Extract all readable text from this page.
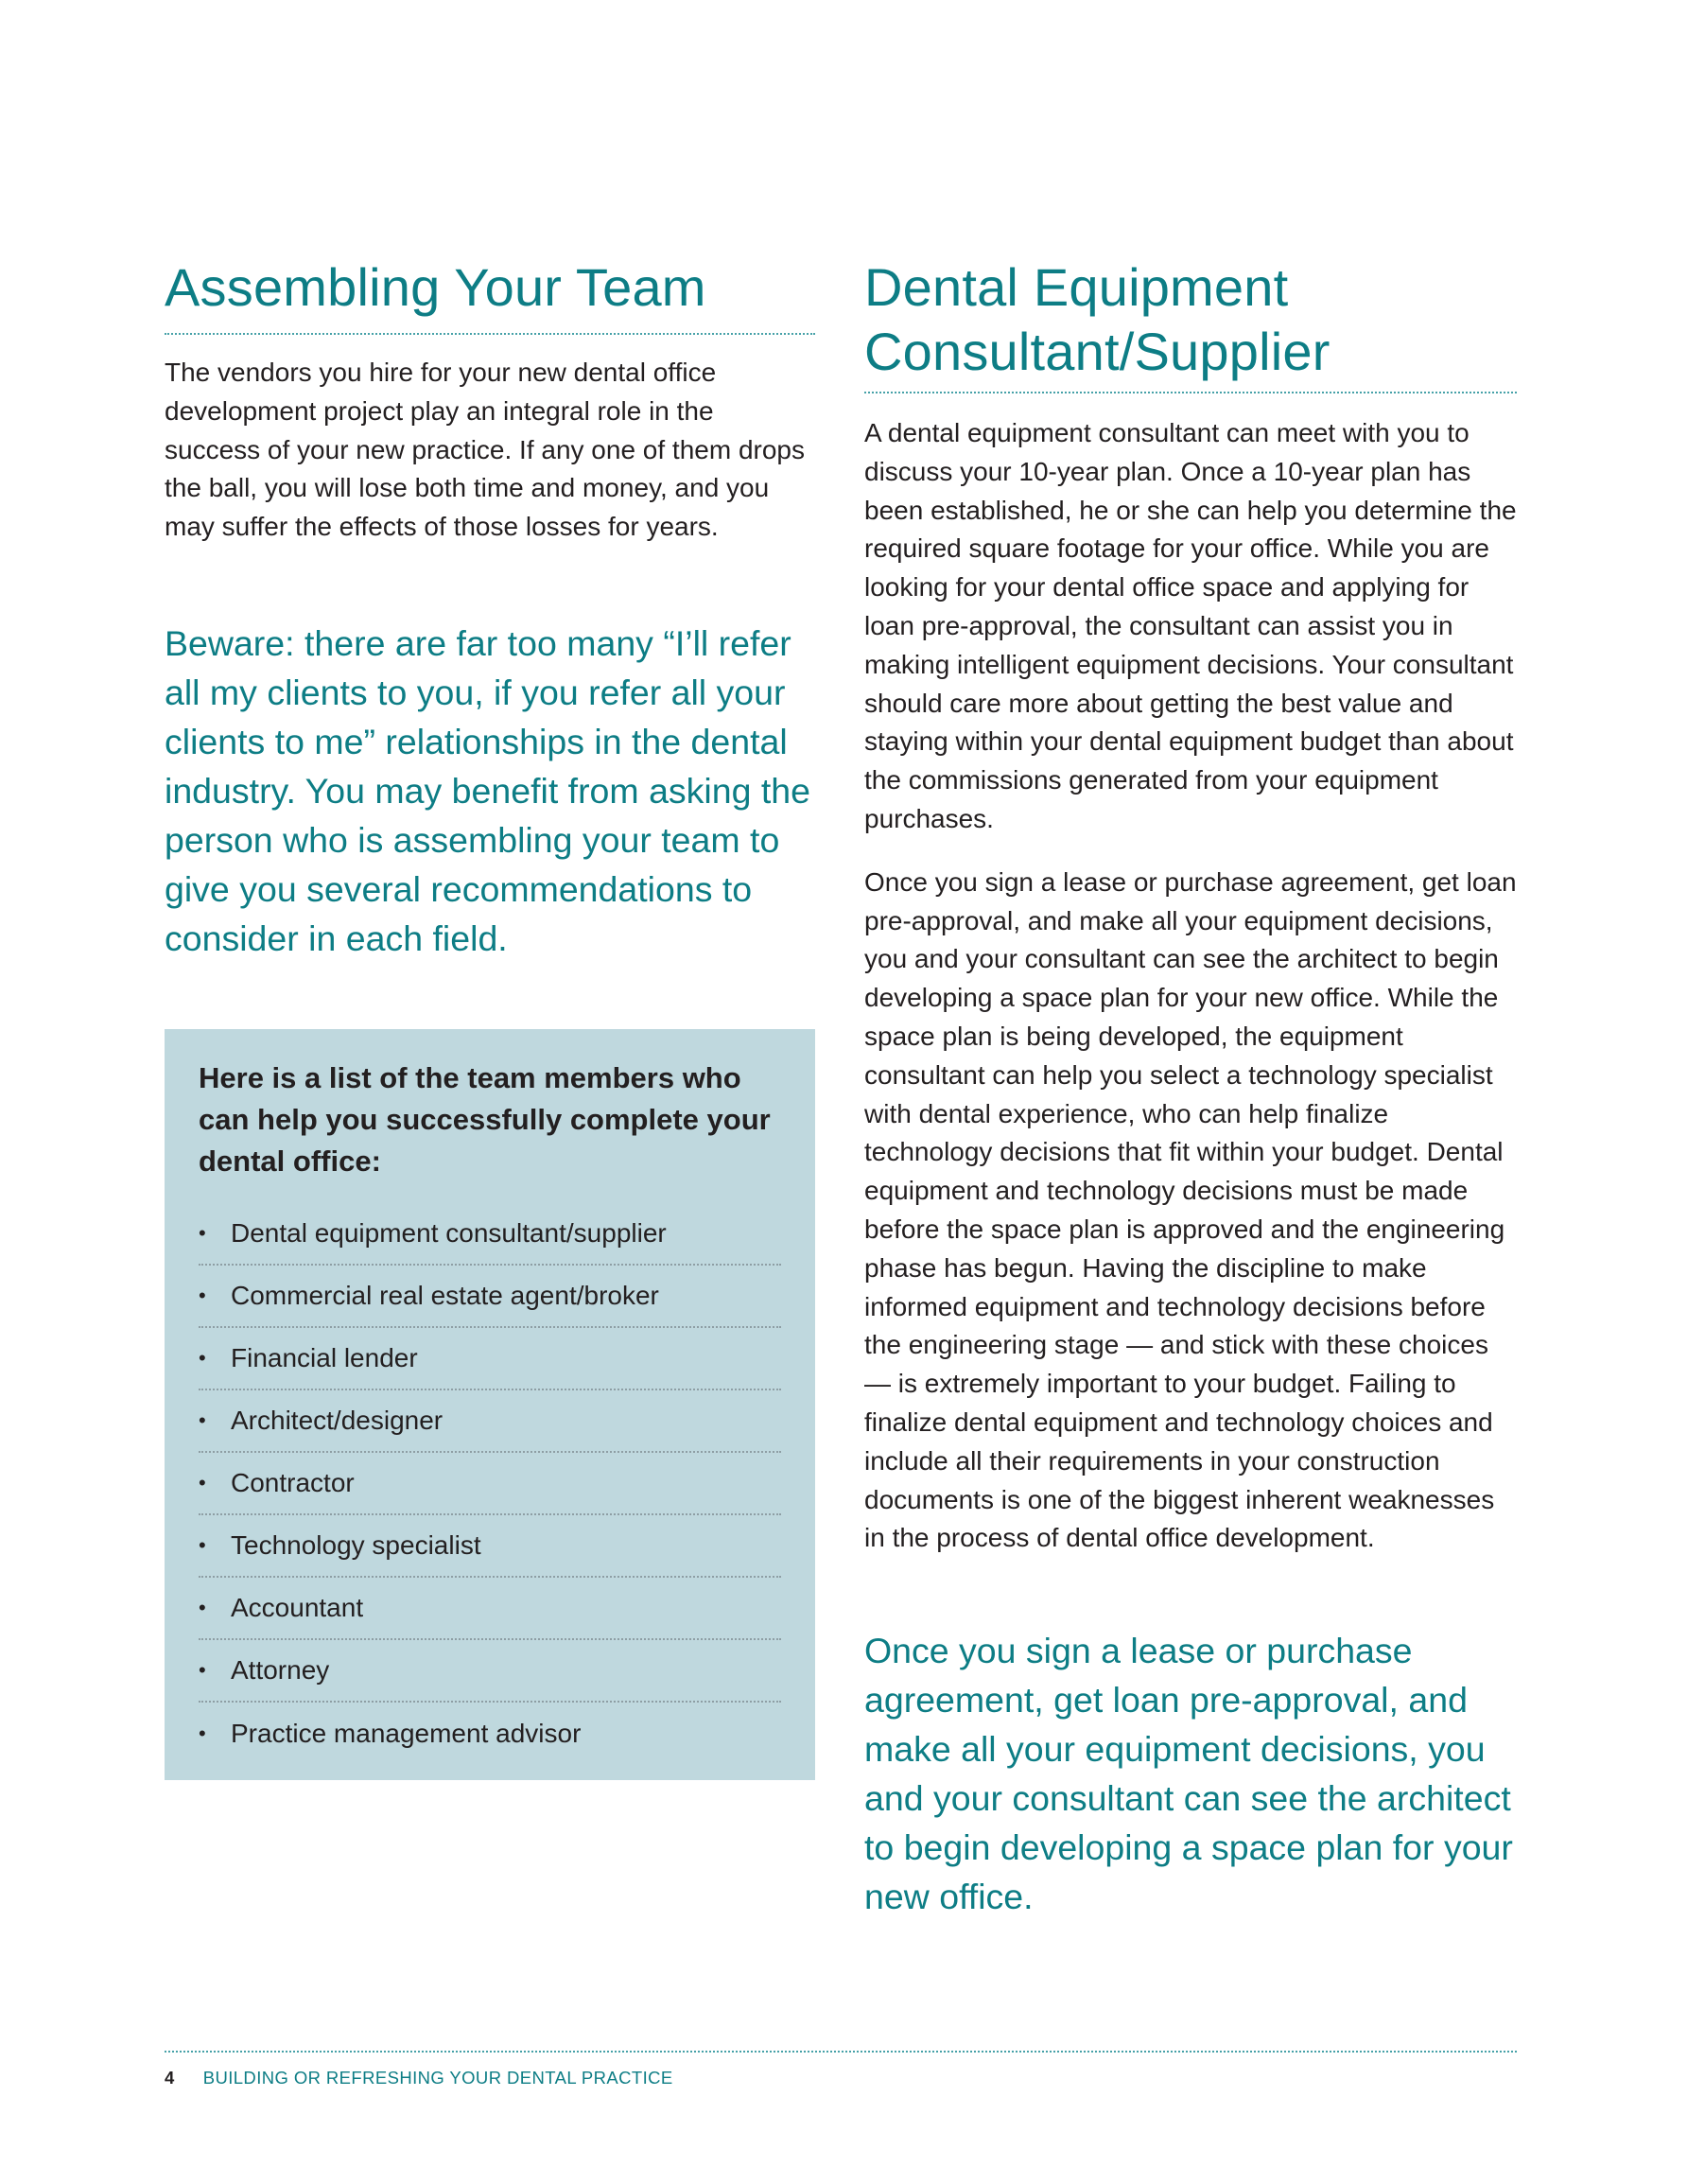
Assembling Your Team

The vendors you hire for your new dental office development project play an integral role in the success of your new practice. If any one of them drops the ball, you will lose both time and money, and you may suffer the effects of those losses for years.

Beware: there are far too many “I’ll refer all my clients to you, if you refer all your clients to me” relationships in the dental industry. You may benefit from asking the person who is assembling your team to give you several recommendations to consider in each field.

Here is a list of the team members who can help you successfully complete your dental office:

• Dental equipment consultant/supplier
• Commercial real estate agent/broker
• Financial lender
• Architect/designer
• Contractor
• Technology specialist
• Accountant
• Attorney
• Practice management advisor
Dental Equipment Consultant/Supplier

A dental equipment consultant can meet with you to discuss your 10-year plan. Once a 10-year plan has been established, he or she can help you determine the required square footage for your office. While you are looking for your dental office space and applying for loan pre-approval, the consultant can assist you in making intelligent equipment decisions. Your consultant should care more about getting the best value and staying within your dental equipment budget than about the commissions generated from your equipment purchases.

Once you sign a lease or purchase agreement, get loan pre-approval, and make all your equipment decisions, you and your consultant can see the architect to begin developing a space plan for your new office. While the space plan is being developed, the equipment consultant can help you select a technology specialist with dental experience, who can help finalize technology decisions that fit within your budget. Dental equipment and technology decisions must be made before the space plan is approved and the engineering phase has begun. Having the discipline to make informed equipment and technology decisions before the engineering stage — and stick with these choices — is extremely important to your budget. Failing to finalize dental equipment and technology choices and include all their requirements in your construction documents is one of the biggest inherent weaknesses in the process of dental office development.

Once you sign a lease or purchase agreement, get loan pre-approval, and make all your equipment decisions, you and your consultant can see the architect to begin developing a space plan for your new office.

4 BUILDING OR REFRESHING YOUR DENTAL PRACTICE
